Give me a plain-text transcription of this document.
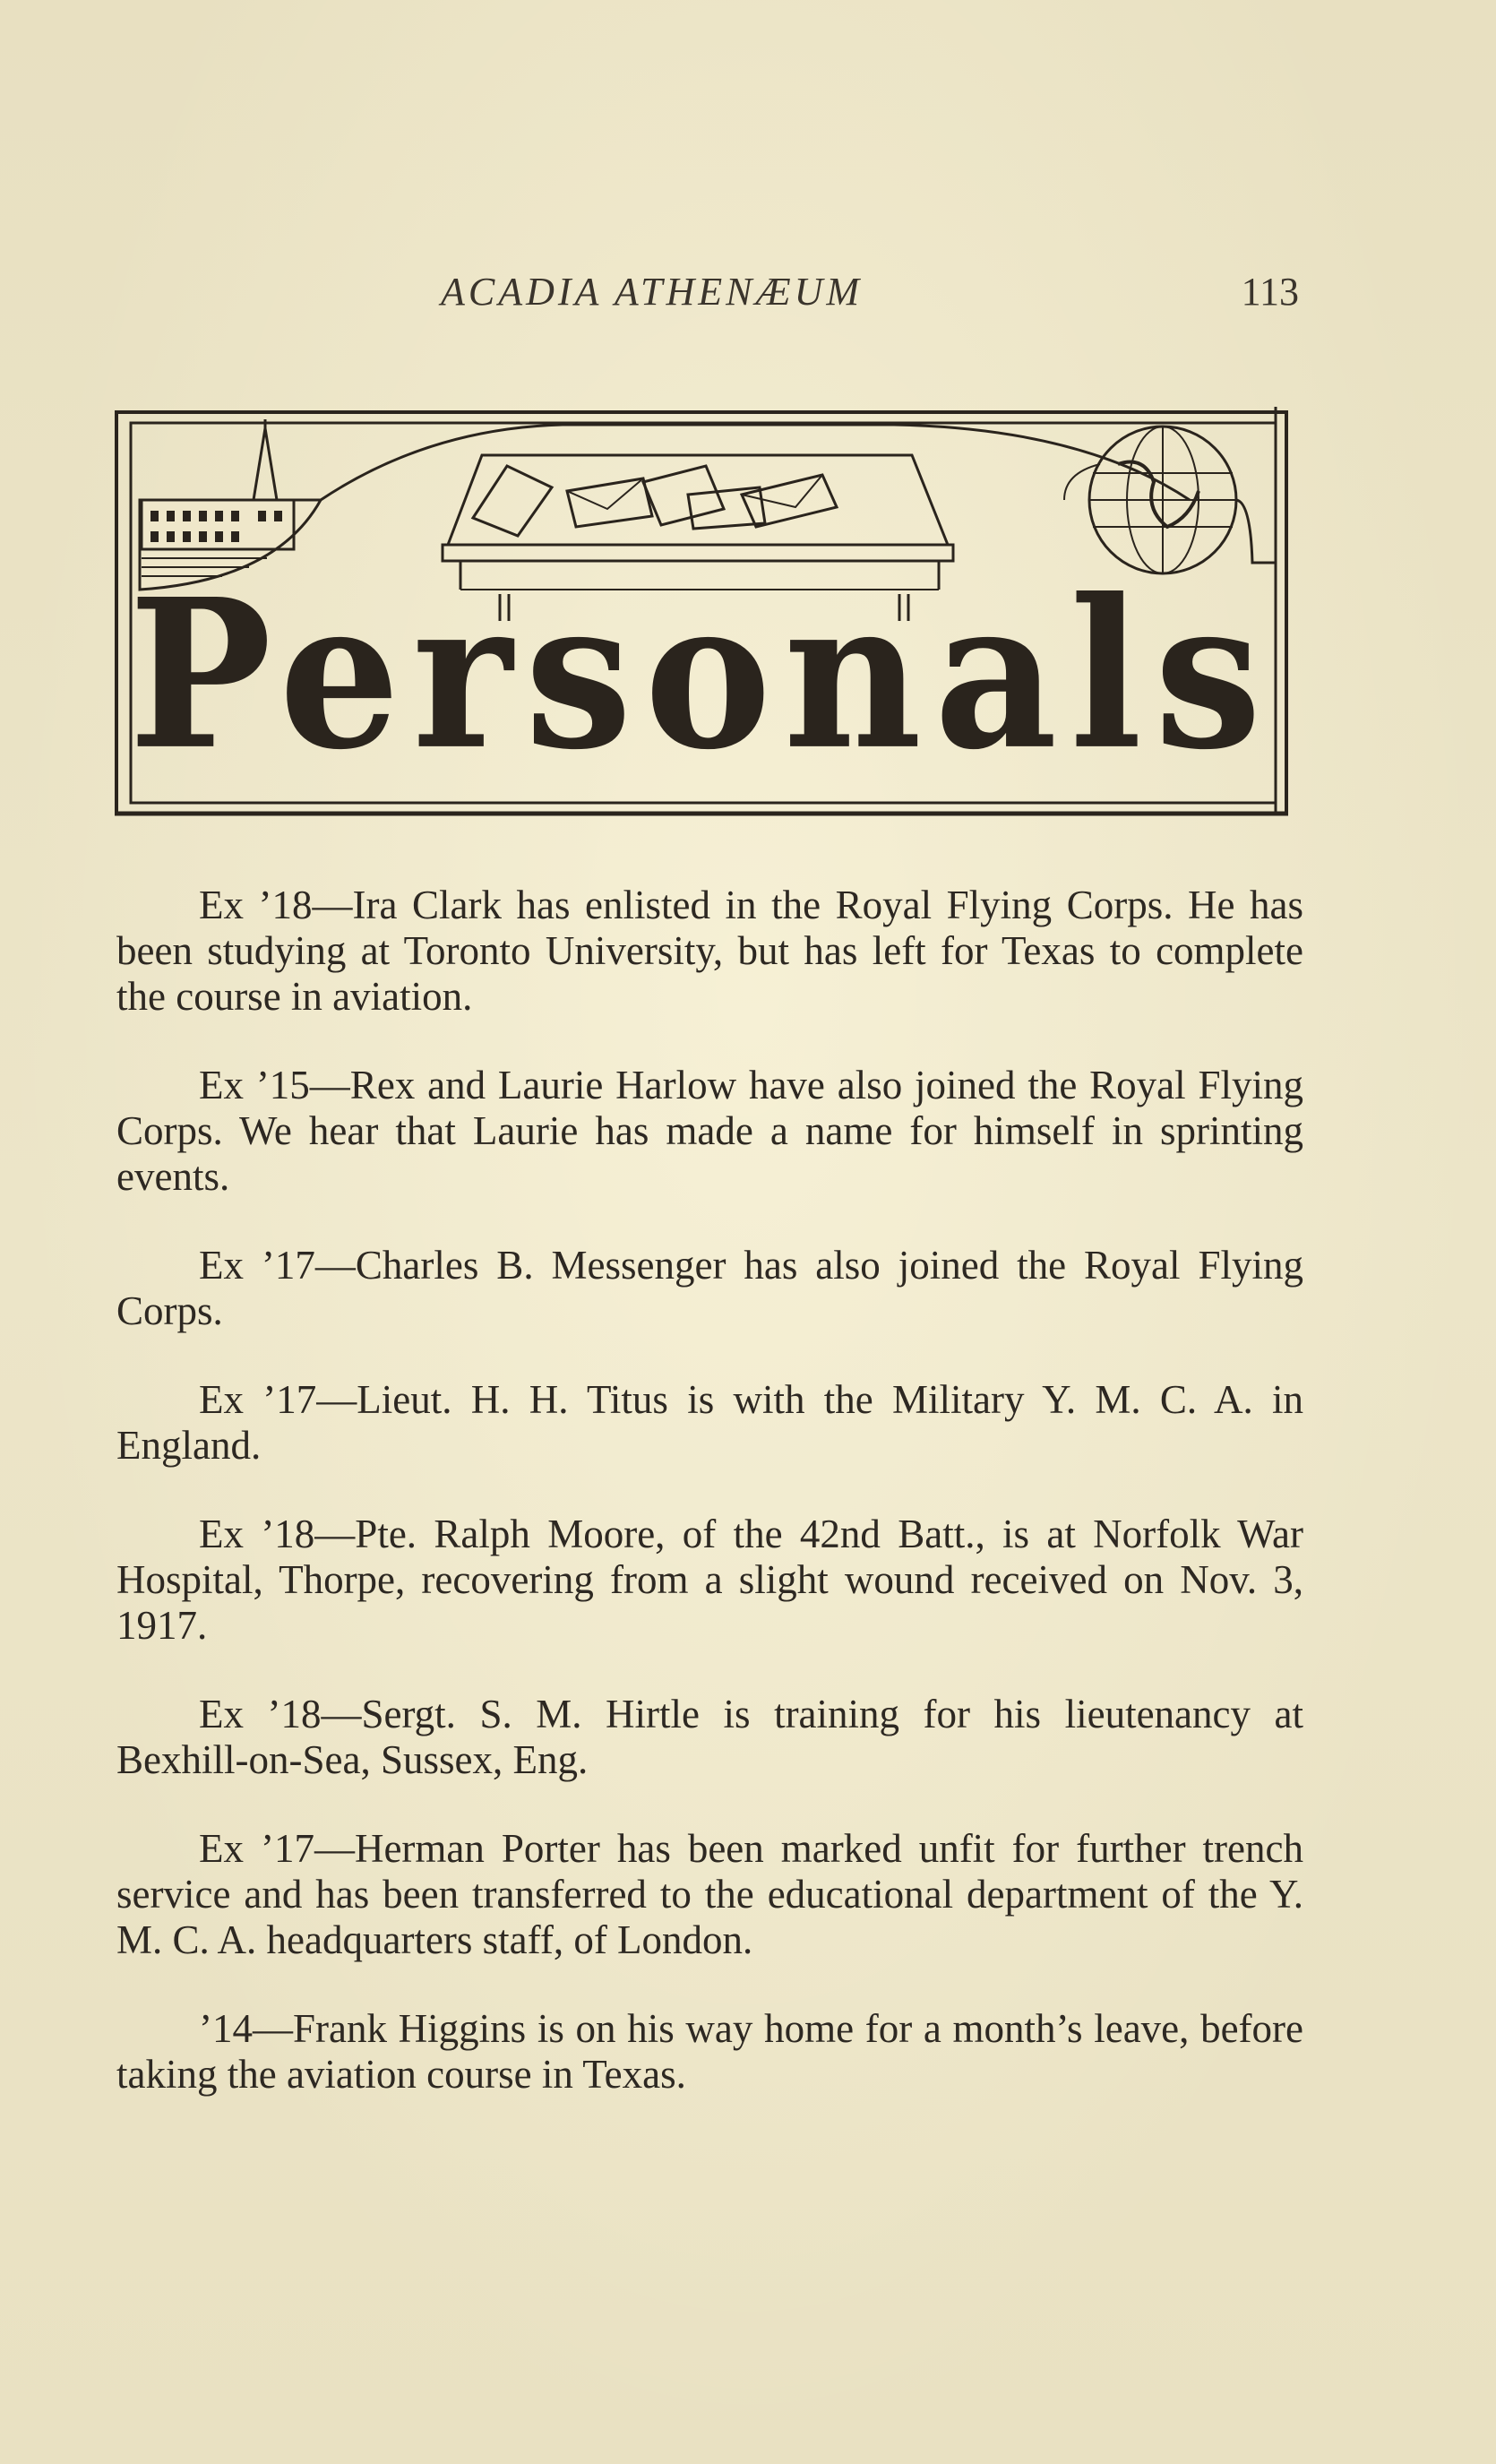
ACADIA ATHENÆUM	113
Personals

Ex ’18—Ira Clark has enlisted in the Royal Flying Corps. He has been studying at Toronto University, but has left for Texas to complete the course in aviation.

Ex ’15—Rex and Laurie Harlow have also joined the Royal Flying Corps. We hear that Laurie has made a name for himself in sprinting events.

Ex ’17—Charles B. Messenger has also joined the Royal Flying Corps.

Ex ’17—Lieut. H. H. Titus is with the Military Y. M. C. A. in England.

Ex ’18—Pte. Ralph Moore, of the 42nd Batt., is at Norfolk War Hospital, Thorpe, recovering from a slight wound received on Nov. 3, 1917.

Ex ’18—Sergt. S. M. Hirtle is training for his lieutenancy at Bexhill-on-Sea, Sussex, Eng.

Ex ’17—Herman Porter has been marked unfit for further trench service and has been transferred to the educational department of the Y. M. C. A. headquarters staff, of London.

’14—Frank Higgins is on his way home for a month’s leave, before taking the aviation course in Texas.
